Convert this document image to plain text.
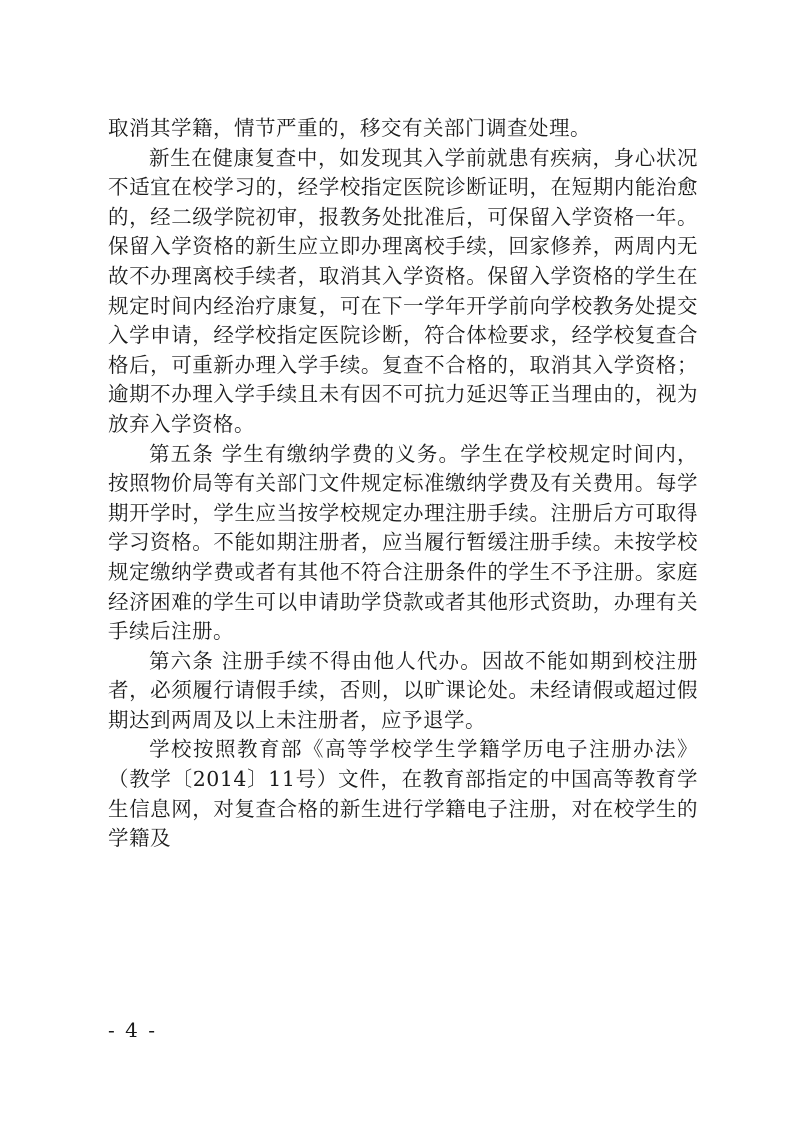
取消其学籍，情节严重的，移交有关部门调查处理。

新生在健康复查中，如发现其入学前就患有疾病，身心状况不适宜在校学习的，经学校指定医院诊断证明，在短期内能治愈的，经二级学院初审，报教务处批准后，可保留入学资格一年。保留入学资格的新生应立即办理离校手续，回家修养，两周内无故不办理离校手续者，取消其入学资格。保留入学资格的学生在规定时间内经治疗康复，可在下一学年开学前向学校教务处提交入学申请，经学校指定医院诊断，符合体检要求，经学校复查合格后，可重新办理入学手续。复查不合格的，取消其入学资格；逾期不办理入学手续且未有因不可抗力延迟等正当理由的，视为放弃入学资格。

第五条 学生有缴纳学费的义务。学生在学校规定时间内，按照物价局等有关部门文件规定标准缴纳学费及有关费用。每学期开学时，学生应当按学校规定办理注册手续。注册后方可取得学习资格。不能如期注册者，应当履行暂缓注册手续。未按学校规定缴纳学费或者有其他不符合注册条件的学生不予注册。家庭经济困难的学生可以申请助学贷款或者其他形式资助，办理有关手续后注册。

第六条 注册手续不得由他人代办。因故不能如期到校注册者，必须履行请假手续，否则，以旷课论处。未经请假或超过假期达到两周及以上未注册者，应予退学。

学校按照教育部《高等学校学生学籍学历电子注册办法》（教学〔2014〕11号）文件，在教育部指定的中国高等教育学生信息网，对复查合格的新生进行学籍电子注册，对在校学生的学籍及

- 4 -
